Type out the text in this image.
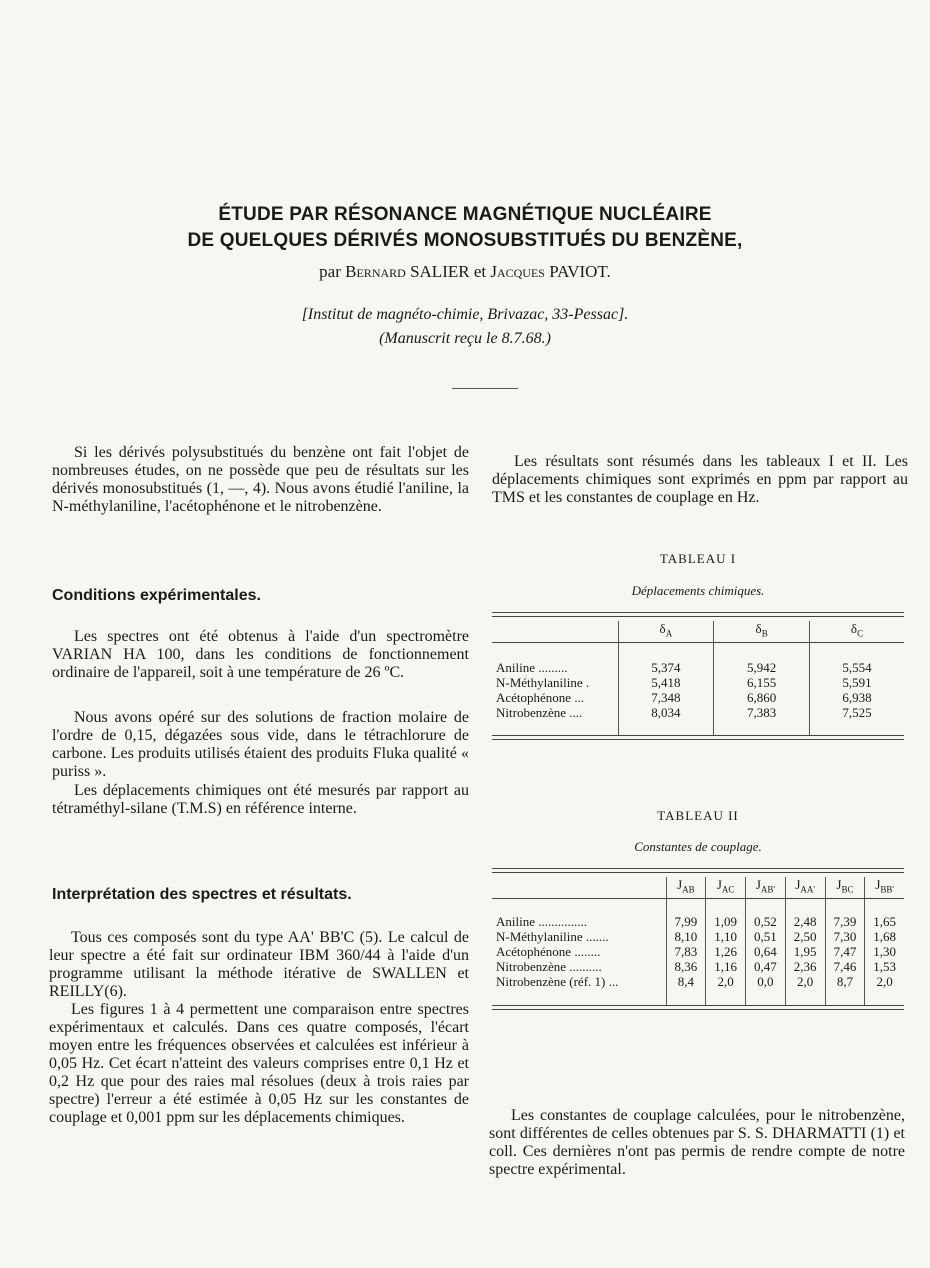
ÉTUDE PAR RÉSONANCE MAGNÉTIQUE NUCLÉAIRE
DE QUELQUES DÉRIVÉS MONOSUBSTITUÉS DU BENZÈNE,
par Bernard SALIER et Jacques PAVIOT.
[Institut de magnéto-chimie, Brivazac, 33-Pessac].
(Manuscrit reçu le 8.7.68.)
Si les dérivés polysubstitués du benzène ont fait l'objet de nombreuses études, on ne possède que peu de résultats sur les dérivés monosubstitués (1, —, 4). Nous avons étudié l'aniline, la N-méthylaniline, l'acétophénone et le nitrobenzène.
Conditions expérimentales.
Les spectres ont été obtenus à l'aide d'un spectromètre VARIAN HA 100, dans les conditions de fonctionnement ordinaire de l'appareil, soit à une température de 26 ºC.
Nous avons opéré sur des solutions de fraction molaire de l'ordre de 0,15, dégazées sous vide, dans le tétrachlorure de carbone. Les produits utilisés étaient des produits Fluka qualité « puriss ».
Les déplacements chimiques ont été mesurés par rapport au tétraméthyl-silane (T.M.S) en référence interne.
Interprétation des spectres et résultats.
Tous ces composés sont du type AA' BB'C (5). Le calcul de leur spectre a été fait sur ordinateur IBM 360/44 à l'aide d'un programme utilisant la méthode itérative de SWALLEN et REILLY(6).
Les figures 1 à 4 permettent une comparaison entre spectres expérimentaux et calculés. Dans ces quatre composés, l'écart moyen entre les fréquences observées et calculées est inférieur à 0,05 Hz. Cet écart n'atteint des valeurs comprises entre 0,1 Hz et 0,2 Hz que pour des raies mal résolues (deux à trois raies par spectre) l'erreur a été estimée à 0,05 Hz sur les constantes de couplage et 0,001 ppm sur les déplacements chimiques.
Les résultats sont résumés dans les tableaux I et II. Les déplacements chimiques sont exprimés en ppm par rapport au TMS et les constantes de couplage en Hz.
TABLEAU I
Déplacements chimiques.
	$\delta_A$	$\delta_B$	$\delta_C$

Aniline .........	5,374	5,942	5,554
N-Méthylaniline .	5,418	6,155	5,591
Acétophénone ...	7,348	6,860	6,938
Nitrobenzène ....	8,034	7,383	7,525

TABLEAU II
Constantes de couplage.
	$J_{AB}$	$J_{AC}$	$J_{AB'}$	$J_{AA'}$	$J_{BC}$	$J_{BB'}$

Aniline ...............	7,99	1,09	0,52	2,48	7,39	1,65
N-Méthylaniline .......	8,10	1,10	0,51	2,50	7,30	1,68
Acétophénone ........	7,83	1,26	0,64	1,95	7,47	1,30
Nitrobenzène ..........	8,36	1,16	0,47	2,36	7,46	1,53
Nitrobenzène (réf. 1) ...	8,4	2,0	0,0	2,0	8,7	2,0

Les constantes de couplage calculées, pour le nitrobenzène, sont différentes de celles obtenues par S. S. DHARMATTI (1) et coll. Ces dernières n'ont pas permis de rendre compte de notre spectre expérimental.
